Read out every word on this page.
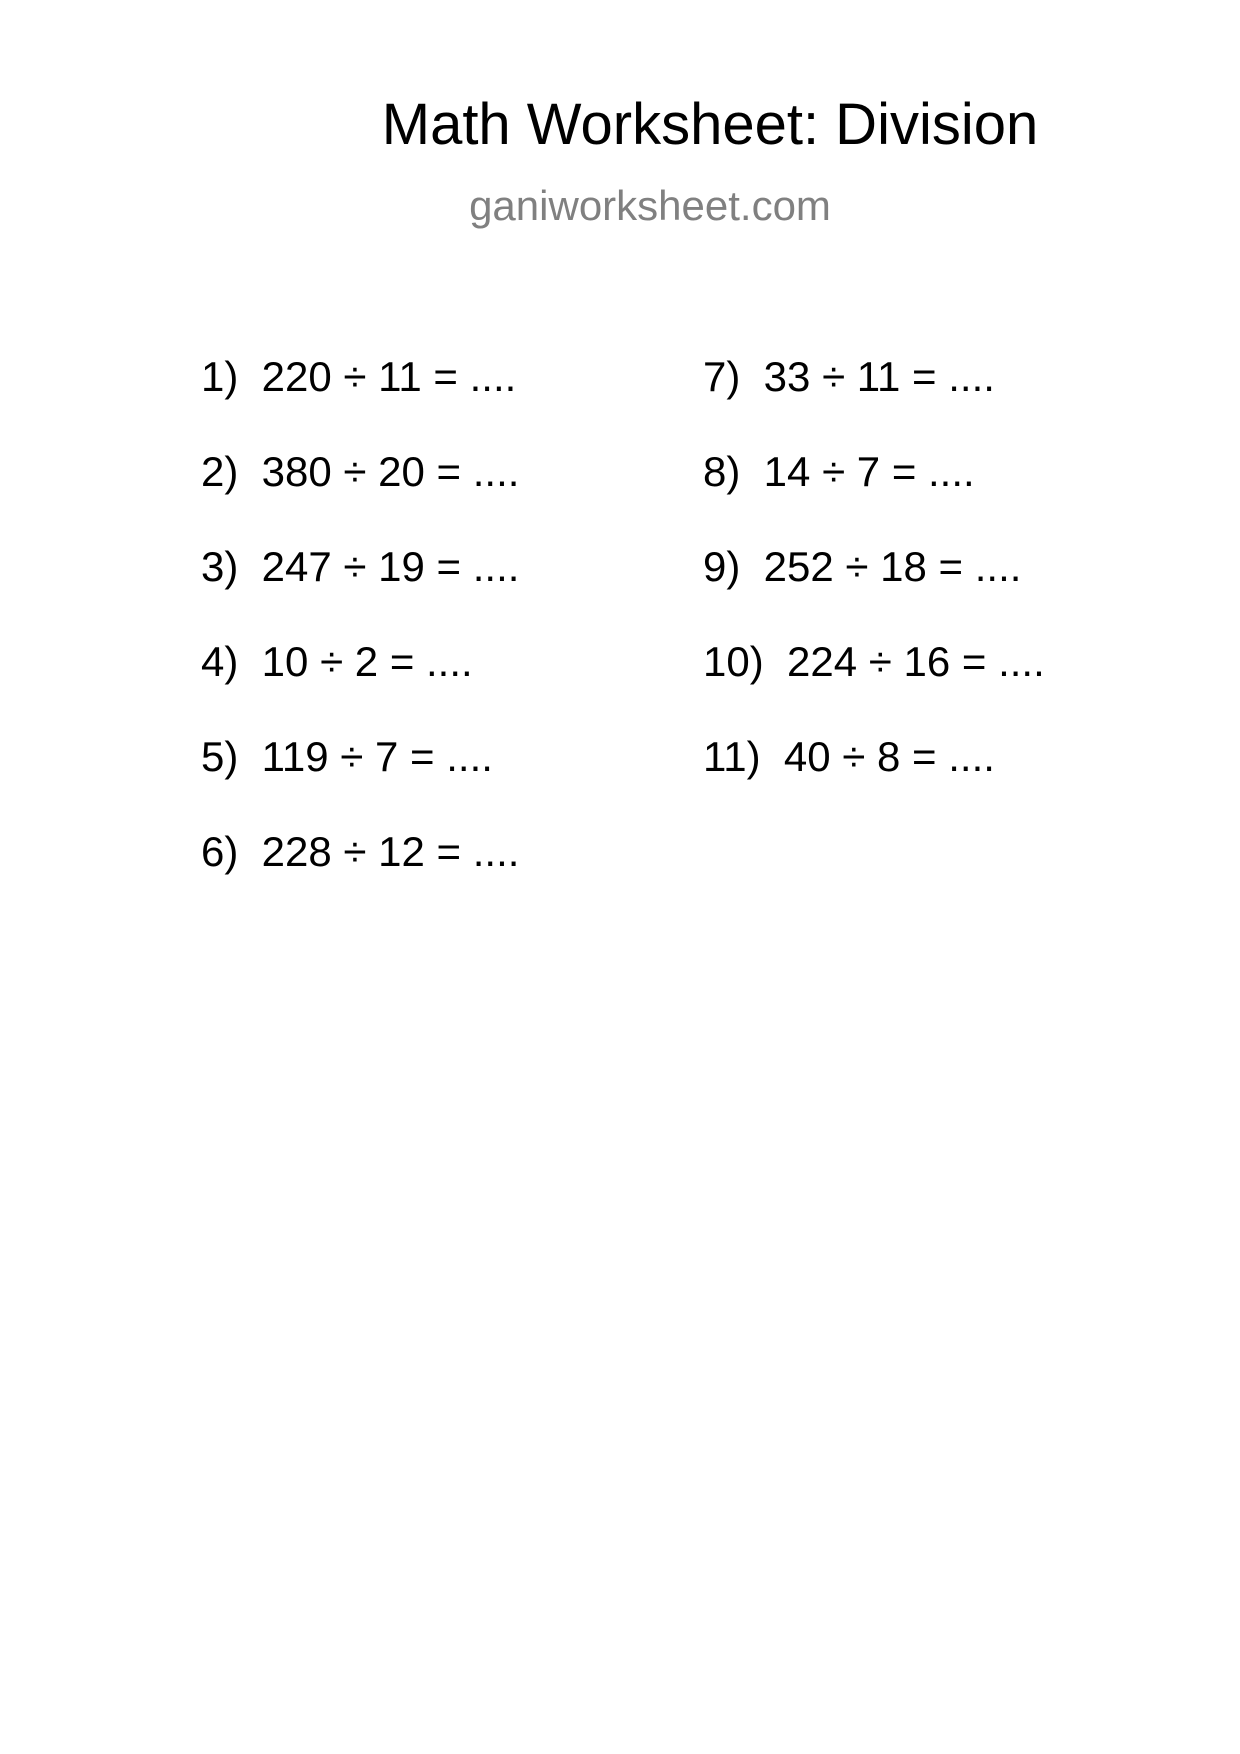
Math Worksheet: Division
ganiworksheet.com
1)  220 ÷ 11 = ....
2)  380 ÷ 20 = ....
3)  247 ÷ 19 = ....
4)  10 ÷ 2 = ....
5)  119 ÷ 7 = ....
6)  228 ÷ 12 = ....
7)  33 ÷ 11 = ....
8)  14 ÷ 7 = ....
9)  252 ÷ 18 = ....
10)  224 ÷ 16 = ....
11)  40 ÷ 8 = ....
